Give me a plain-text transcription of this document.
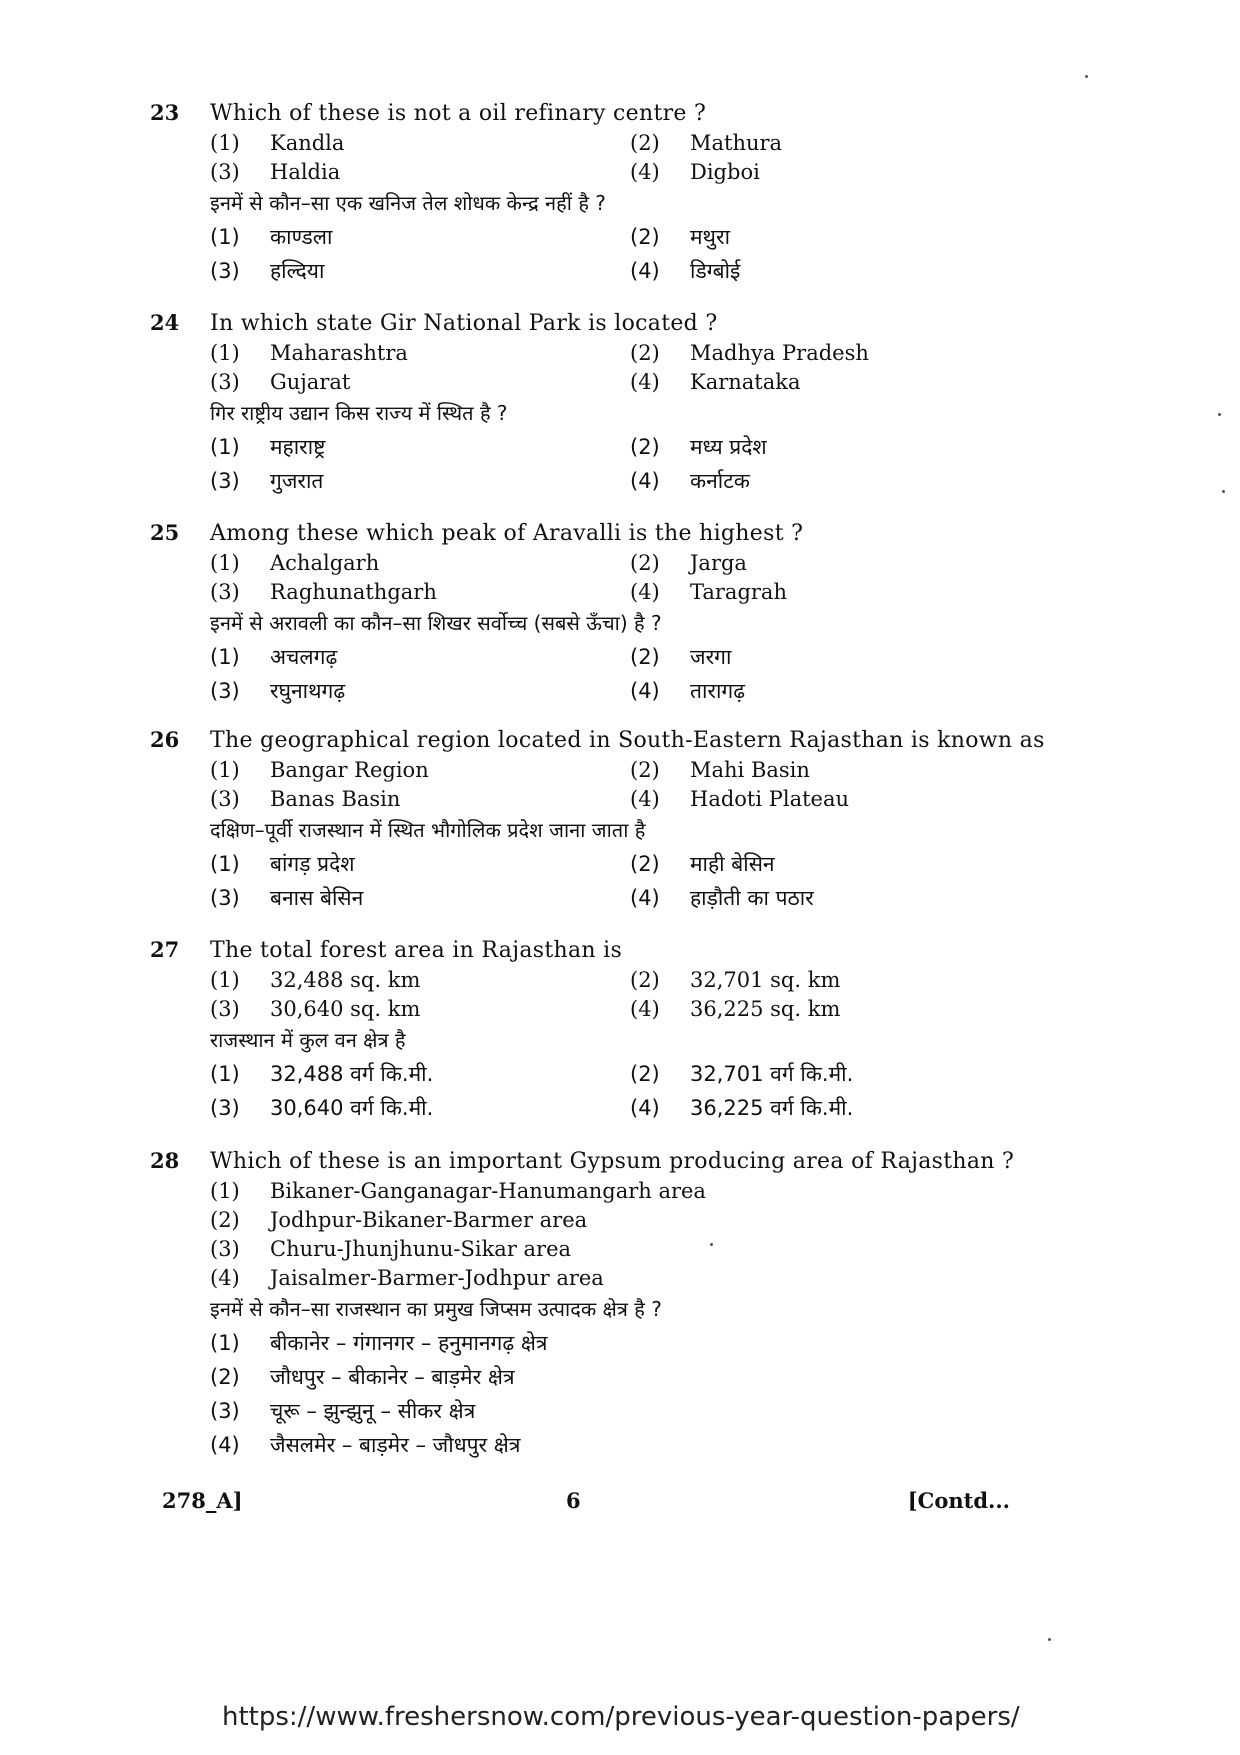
23	Which of these is not a oil refinary centre ?
(1)	Kandla	(2)	Mathura
(3)	Haldia	(4)	Digboi
इनमें से कौन–सा एक खनिज तेल शोधक केन्द्र नहीं है ?
(1)	काण्डला	(2)	मथुरा
(3)	हल्दिया	(4)	डिग्बोई
24	In which state Gir National Park is located ?
(1)	Maharashtra	(2)	Madhya Pradesh
(3)	Gujarat	(4)	Karnataka
गिर राष्ट्रीय उद्यान किस राज्य में स्थित है ?
(1)	महाराष्ट्र	(2)	मध्य प्रदेश
(3)	गुजरात	(4)	कर्नाटक
25	Among these which peak of Aravalli is the highest ?
(1)	Achalgarh	(2)	Jarga
(3)	Raghunathgarh	(4)	Taragrah
इनमें से अरावली का कौन–सा शिखर सर्वोच्च (सबसे ऊँचा) है ?
(1)	अचलगढ़	(2)	जरगा
(3)	रघुनाथगढ़	(4)	तारागढ़
26	The geographical region located in South-Eastern Rajasthan is known as
(1)	Bangar Region	(2)	Mahi Basin
(3)	Banas Basin	(4)	Hadoti Plateau
दक्षिण–पूर्वी राजस्थान में स्थित भौगोलिक प्रदेश जाना जाता है
(1)	बांगड़ प्रदेश	(2)	माही बेसिन
(3)	बनास बेसिन	(4)	हाड़ौती का पठार
27	The total forest area in Rajasthan is
(1)	32,488 sq. km	(2)	32,701 sq. km
(3)	30,640 sq. km	(4)	36,225 sq. km
राजस्थान में कुल वन क्षेत्र है
(1)	32,488 वर्ग कि.मी.	(2)	32,701 वर्ग कि.मी.
(3)	30,640 वर्ग कि.मी.	(4)	36,225 वर्ग कि.मी.
28	Which of these is an important Gypsum producing area of Rajasthan ?
(1)	Bikaner-Ganganagar-Hanumangarh area
(2)	Jodhpur-Bikaner-Barmer area
(3)	Churu-Jhunjhunu-Sikar area
(4)	Jaisalmer-Barmer-Jodhpur area
इनमें से कौन–सा राजस्थान का प्रमुख जिप्सम उत्पादक क्षेत्र है ?
(1)	बीकानेर – गंगानगर – हनुमानगढ़ क्षेत्र
(2)	जौधपुर – बीकानेर – बाड़मेर क्षेत्र
(3)	चूरू – झुन्झुनू – सीकर क्षेत्र
(4)	जैसलमेर – बाड़मेर – जौधपुर क्षेत्र
278_A]	6	[Contd...
https://www.freshersnow.com/previous-year-question-papers/
